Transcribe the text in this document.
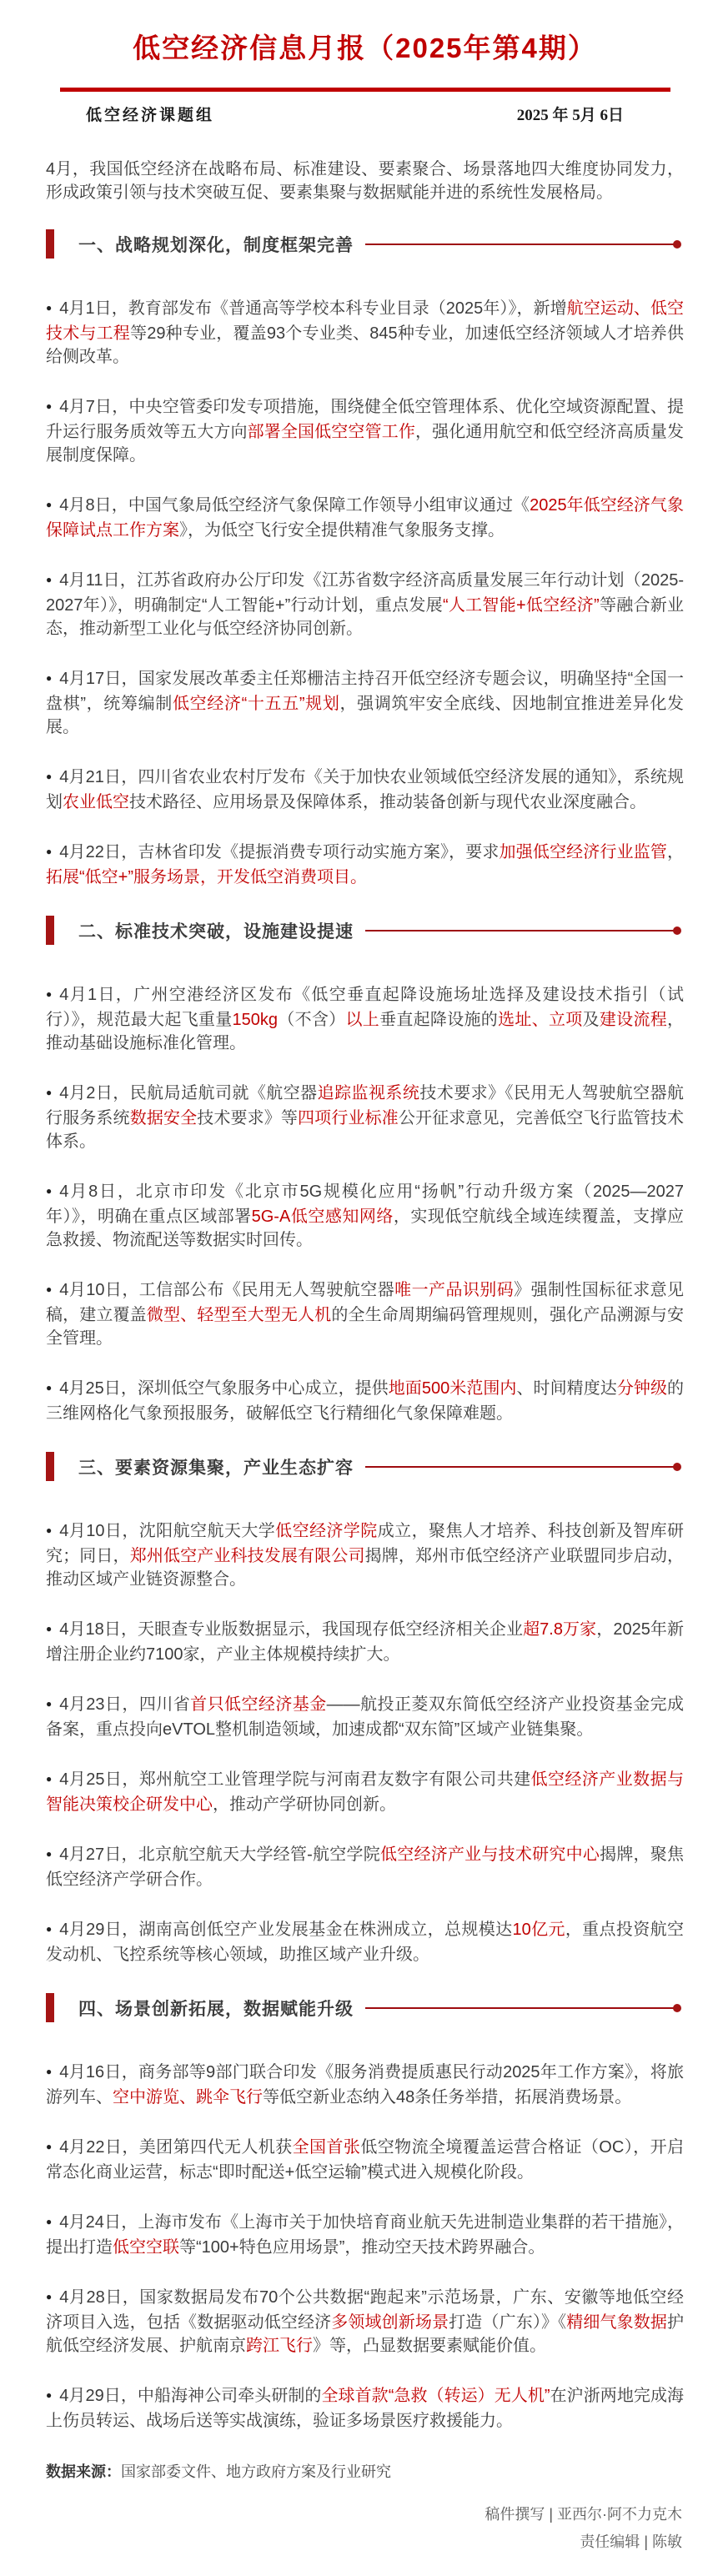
低空经济信息月报（2025年第4期）
低空经济课题组	2025 年 5月 6日

4月，我国低空经济在战略布局、标准建设、要素聚合、场景落地四大维度协同发力，形成政策引领与技术突破互促、要素集聚与数据赋能并进的系统性发展格局。

一、战略规划深化，制度框架完善

● 4月1日，教育部发布《普通高等学校本科专业目录（2025年）》，新增航空运动、低空技术与工程等29种专业，覆盖93个专业类、845种专业，加速低空经济领域人才培养供给侧改革。

● 4月7日，中央空管委印发专项措施，围绕健全低空管理体系、优化空域资源配置、提升运行服务质效等五大方向部署全国低空空管工作，强化通用航空和低空经济高质量发展制度保障。

● 4月8日，中国气象局低空经济气象保障工作领导小组审议通过《2025年低空经济气象保障试点工作方案》，为低空飞行安全提供精准气象服务支撑。

● 4月11日，江苏省政府办公厅印发《江苏省数字经济高质量发展三年行动计划（2025-2027年）》，明确制定“人工智能+”行动计划，重点发展“人工智能+低空经济”等融合新业态，推动新型工业化与低空经济协同创新。

● 4月17日，国家发展改革委主任郑栅洁主持召开低空经济专题会议，明确坚持“全国一盘棋”，统筹编制低空经济“十五五”规划，强调筑牢安全底线、因地制宜推进差异化发展。

● 4月21日，四川省农业农村厅发布《关于加快农业领域低空经济发展的通知》，系统规划农业低空技术路径、应用场景及保障体系，推动装备创新与现代农业深度融合。

● 4月22日，吉林省印发《提振消费专项行动实施方案》，要求加强低空经济行业监管，拓展“低空+”服务场景，开发低空消费项目。

二、标准技术突破，设施建设提速

● 4月1日，广州空港经济区发布《低空垂直起降设施场址选择及建设技术指引（试行）》，规范最大起飞重量150kg（不含）以上垂直起降设施的选址、立项及建设流程，推动基础设施标准化管理。

● 4月2日，民航局适航司就《航空器追踪监视系统技术要求》《民用无人驾驶航空器航行服务系统数据安全技术要求》等四项行业标准公开征求意见，完善低空飞行监管技术体系。

● 4月8日，北京市印发《北京市5G规模化应用“扬帆”行动升级方案（2025—2027年）》，明确在重点区域部署5G-A低空感知网络，实现低空航线全域连续覆盖，支撑应急救援、物流配送等数据实时回传。

● 4月10日，工信部公布《民用无人驾驶航空器唯一产品识别码》强制性国标征求意见稿，建立覆盖微型、轻型至大型无人机的全生命周期编码管理规则，强化产品溯源与安全管理。

● 4月25日，深圳低空气象服务中心成立，提供地面500米范围内、时间精度达分钟级的三维网格化气象预报服务，破解低空飞行精细化气象保障难题。

三、要素资源集聚，产业生态扩容

● 4月10日，沈阳航空航天大学低空经济学院成立，聚焦人才培养、科技创新及智库研究；同日，郑州低空产业科技发展有限公司揭牌，郑州市低空经济产业联盟同步启动，推动区域产业链资源整合。

● 4月18日，天眼查专业版数据显示，我国现存低空经济相关企业超7.8万家，2025年新增注册企业约7100家，产业主体规模持续扩大。

● 4月23日，四川省首只低空经济基金——航投正菱双东简低空经济产业投资基金完成备案，重点投向eVTOL整机制造领域，加速成都“双东简”区域产业链集聚。

● 4月25日，郑州航空工业管理学院与河南君友数字有限公司共建低空经济产业数据与智能决策校企研发中心，推动产学研协同创新。

● 4月27日，北京航空航天大学经管-航空学院低空经济产业与技术研究中心揭牌，聚焦低空经济产学研合作。

● 4月29日，湖南高创低空产业发展基金在株洲成立，总规模达10亿元，重点投资航空发动机、飞控系统等核心领域，助推区域产业升级。

四、场景创新拓展，数据赋能升级

● 4月16日，商务部等9部门联合印发《服务消费提质惠民行动2025年工作方案》，将旅游列车、空中游览、跳伞飞行等低空新业态纳入48条任务举措，拓展消费场景。

● 4月22日，美团第四代无人机获全国首张低空物流全境覆盖运营合格证（OC），开启常态化商业运营，标志“即时配送+低空运输”模式进入规模化阶段。

● 4月24日，上海市发布《上海市关于加快培育商业航天先进制造业集群的若干措施》，提出打造低空空联等“100+特色应用场景”，推动空天技术跨界融合。

● 4月28日，国家数据局发布70个公共数据“跑起来”示范场景，广东、安徽等地低空经济项目入选，包括《数据驱动低空经济多领域创新场景打造（广东）》《精细气象数据护航低空经济发展、护航南京跨江飞行》等，凸显数据要素赋能价值。

● 4月29日，中船海神公司牵头研制的全球首款“急救（转运）无人机”在沪浙两地完成海上伤员转运、战场后送等实战演练，验证多场景医疗救援能力。

数据来源：国家部委文件、地方政府方案及行业研究

稿件撰写 | 亚西尔·阿不力克木
责任编辑 | 陈敏
